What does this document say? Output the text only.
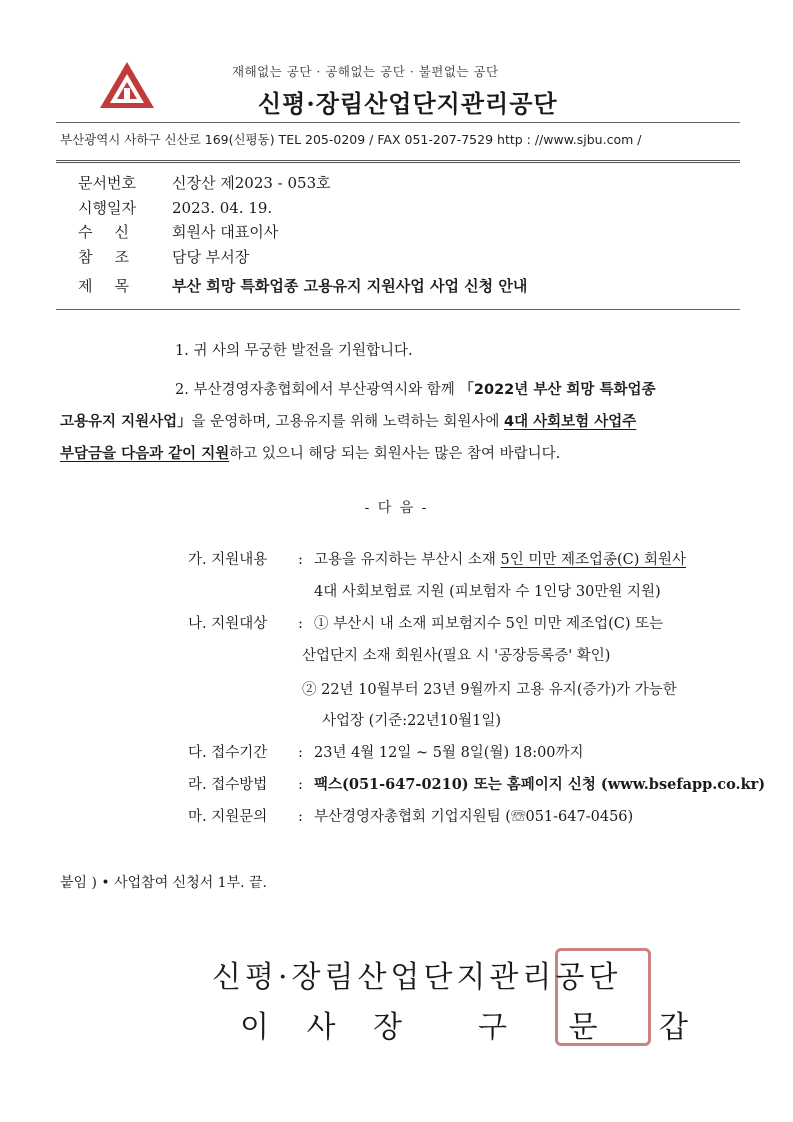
재해없는 공단 · 공해없는 공단 · 불편없는 공단
신평·장림산업단지관리공단
부산광역시 사하구 신산로 169(신평동) TEL 205-0209 / FAX 051-207-7529 http : //www.sjbu.com /
문서번호 신장산 제2023 - 053호
시행일자 2023. 04. 19.
수신 회원사 대표이사
참조 담당 부서장
제목 부산 희망 특화업종 고용유지 지원사업 사업 신청 안내
1. 귀 사의 무궁한 발전을 기원합니다.
2. 부산경영자총협회에서 부산광역시와 함께 「2022년 부산 희망 특화업종
고용유지 지원사업」을 운영하며, 고용유지를 위해 노력하는 회원사에 4대 사회보험 사업주
부담금을 다음과 같이 지원하고 있으니 해당 되는 회원사는 많은 참여 바랍니다.
- 다 음 -
가. 지원내용 : 고용을 유지하는 부산시 소재 5인 미만 제조업종(C) 회원사
4대 사회보험료 지원 (피보험자 수 1인당 30만원 지원)
나. 지원대상 : ① 부산시 내 소재 피보험지수 5인 미만 제조업(C) 또는
산업단지 소재 회원사(필요 시 '공장등록증' 확인)
② 22년 10월부터 23년 9월까지 고용 유지(증가)가 가능한
사업장 (기준:22년10월1일)
다. 접수기간 : 23년 4월 12일 ~ 5월 8일(월) 18:00까지
라. 접수방법 : 팩스(051-647-0210) 또는 홈페이지 신청 (www.bsefapp.co.kr)
마. 지원문의 : 부산경영자총협회 기업지원팀 (☏051-647-0456)
붙임 ) • 사업참여 신청서 1부. 끝.
신평·장림산업단지관리공단
이 사 장 구 문 갑
